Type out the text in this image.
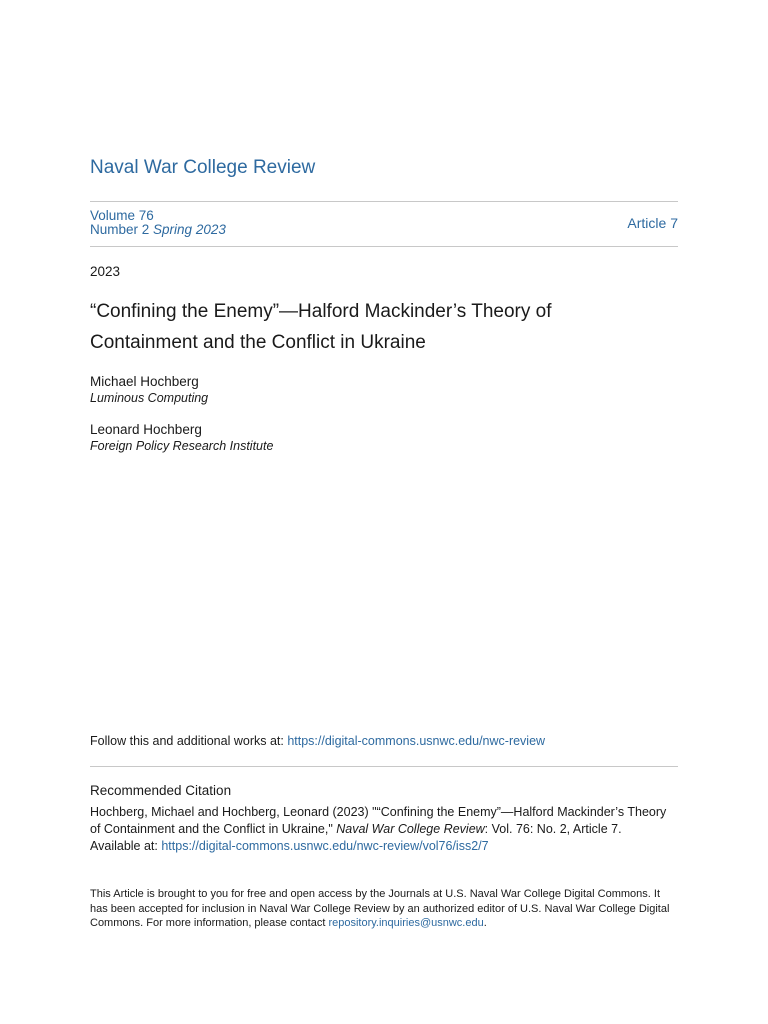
Naval War College Review
Volume 76
Number 2 Spring 2023	Article 7
2023
“Confining the Enemy”—Halford Mackinder’s Theory of Containment and the Conflict in Ukraine
Michael Hochberg
Luminous Computing
Leonard Hochberg
Foreign Policy Research Institute
Follow this and additional works at: https://digital-commons.usnwc.edu/nwc-review
Recommended Citation
Hochberg, Michael and Hochberg, Leonard (2023) "“Confining the Enemy”—Halford Mackinder’s Theory of Containment and the Conflict in Ukraine," Naval War College Review: Vol. 76: No. 2, Article 7.
Available at: https://digital-commons.usnwc.edu/nwc-review/vol76/iss2/7
This Article is brought to you for free and open access by the Journals at U.S. Naval War College Digital Commons. It has been accepted for inclusion in Naval War College Review by an authorized editor of U.S. Naval War College Digital Commons. For more information, please contact repository.inquiries@usnwc.edu.
